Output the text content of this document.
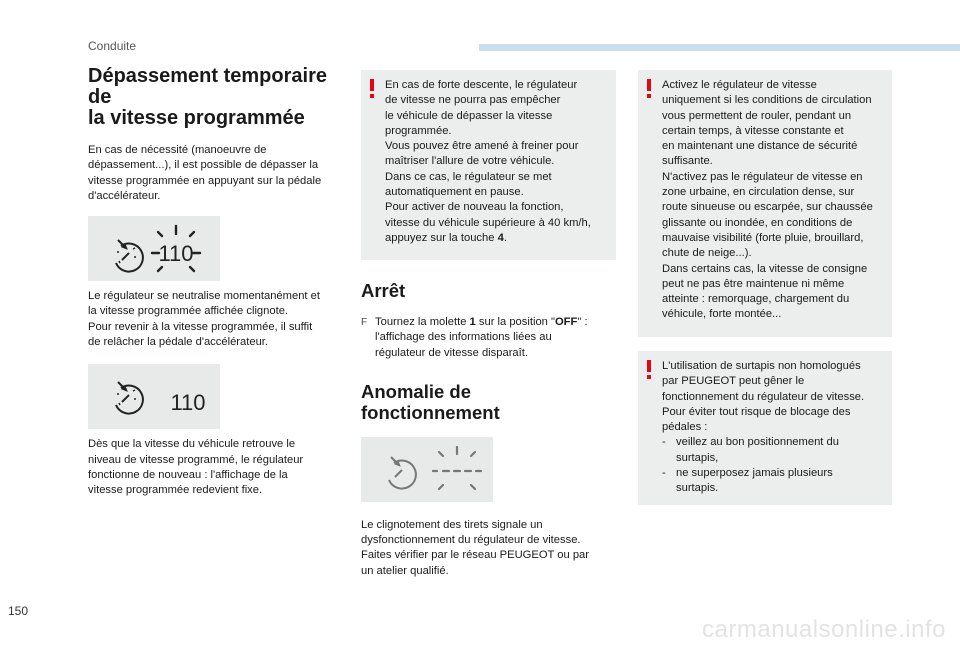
Conduite
Dépassement temporaire de
la vitesse programmée

En cas de nécessité (manoeuvre de
dépassement...), il est possible de dépasser la
vitesse programmée en appuyant sur la pédale
d'accélérateur.

110

Le régulateur se neutralise momentanément et
la vitesse programmée affichée clignote.
Pour revenir à la vitesse programmée, il suffit
de relâcher la pédale d'accélérateur.

110

Dès que la vitesse du véhicule retrouve le
niveau de vitesse programmé, le régulateur
fonctionne de nouveau : l'affichage de la
vitesse programmée redevient fixe.

En cas de forte descente, le régulateur
de vitesse ne pourra pas empêcher
le véhicule de dépasser la vitesse
programmée.
Vous pouvez être amené à freiner pour
maîtriser l'allure de votre véhicule.
Dans ce cas, le régulateur se met
automatiquement en pause.
Pour activer de nouveau la fonction,
vitesse du véhicule supérieure à 40 km/h,
appuyez sur la touche 4.

Arrêt
F Tournez la molette 1 sur la position "OFF" :
l'affichage des informations liées au
régulateur de vitesse disparaît.

Anomalie de
fonctionnement

Le clignotement des tirets signale un
dysfonctionnement du régulateur de vitesse.
Faites vérifier par le réseau PEUGEOT ou par
un atelier qualifié.

Activez le régulateur de vitesse
uniquement si les conditions de circulation
vous permettent de rouler, pendant un
certain temps, à vitesse constante et
en maintenant une distance de sécurité
suffisante.
N'activez pas le régulateur de vitesse en
zone urbaine, en circulation dense, sur
route sinueuse ou escarpée, sur chaussée
glissante ou inondée, en conditions de
mauvaise visibilité (forte pluie, brouillard,
chute de neige...).
Dans certains cas, la vitesse de consigne
peut ne pas être maintenue ni même
atteinte : remorquage, chargement du
véhicule, forte montée...

L'utilisation de surtapis non homologués
par PEUGEOT peut gêner le
fonctionnement du régulateur de vitesse.
Pour éviter tout risque de blocage des
pédales :

- veillez au bon positionnement du
surtapis,

- ne superposez jamais plusieurs
surtapis.

150
carmanualsonline.info
